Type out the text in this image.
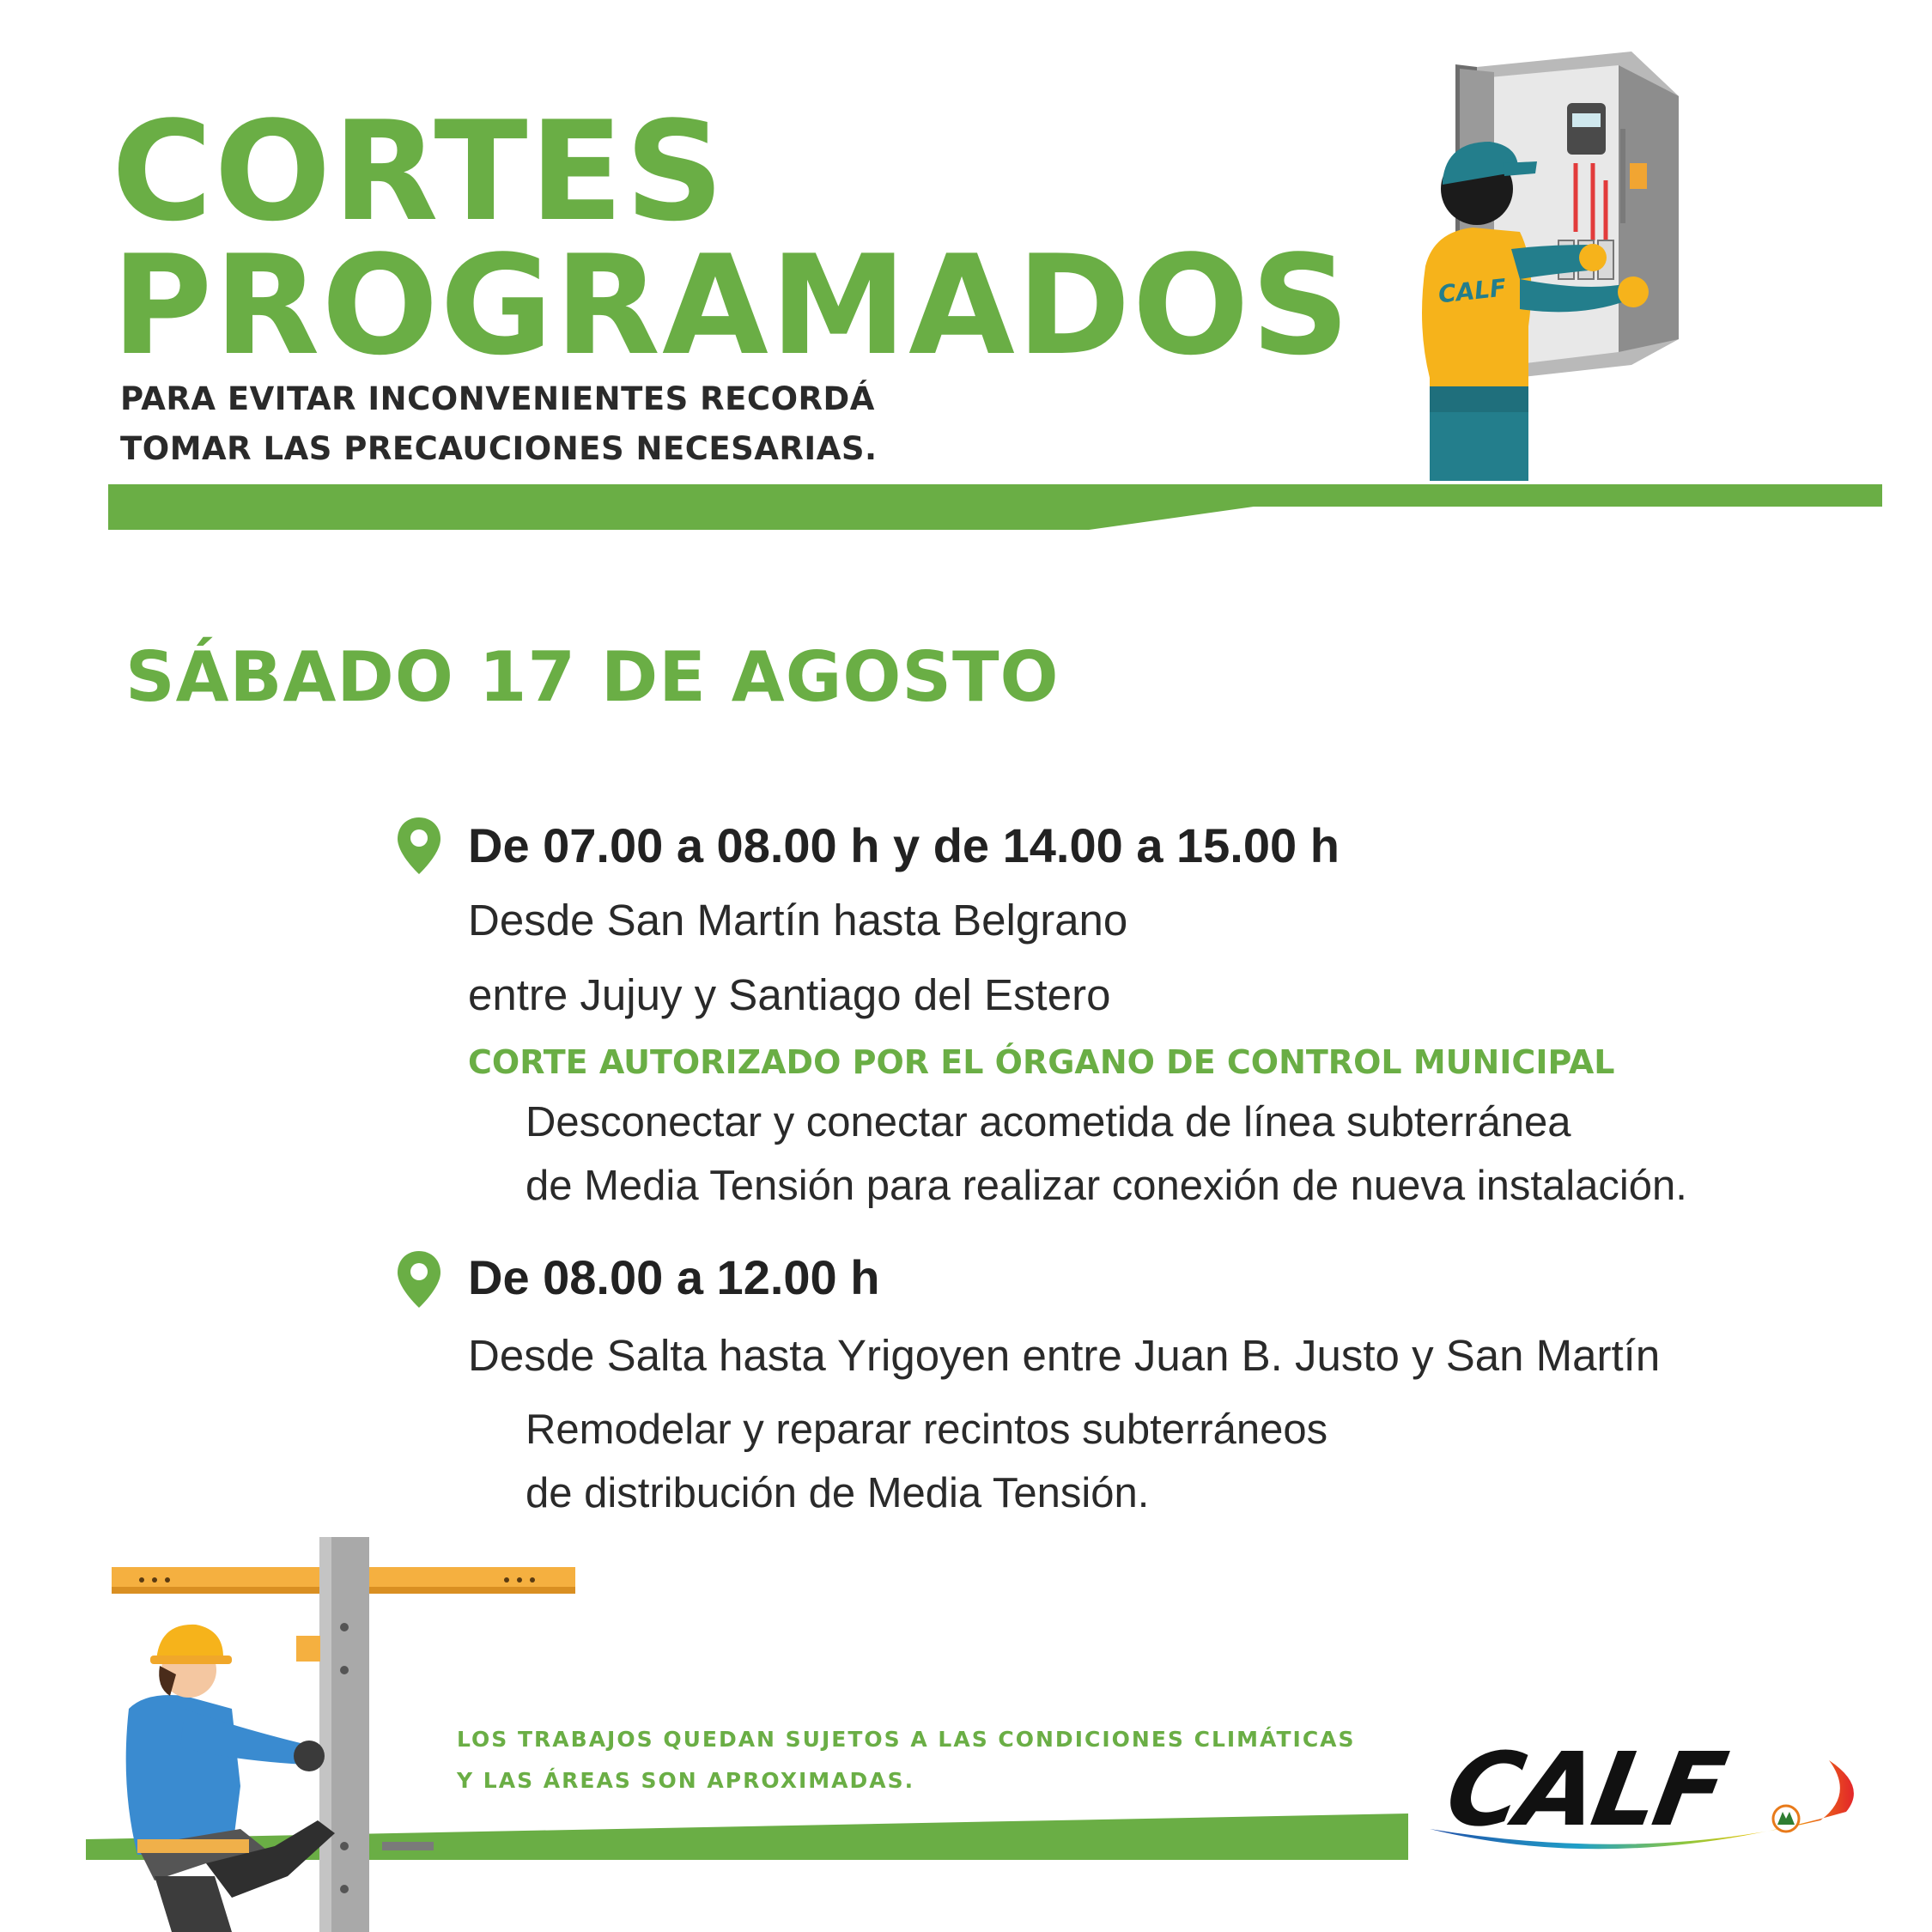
CORTES
PROGRAMADOS
PARA EVITAR INCONVENIENTES RECORDÁ
TOMAR LAS PRECAUCIONES NECESARIAS.
CALF
SÁBADO 17 DE AGOSTO
De 07.00 a 08.00 h y de 14.00 a 15.00 h
Desde San Martín hasta Belgrano
entre Jujuy y Santiago del Estero
CORTE AUTORIZADO POR EL ÓRGANO DE CONTROL MUNICIPAL
Desconectar y conectar acometida de línea subterránea
de Media Tensión para realizar conexión de nueva instalación.
De 08.00 a 12.00 h
Desde Salta hasta Yrigoyen entre Juan B. Justo y San Martín
Remodelar y reparar recintos subterráneos
de distribución de Media Tensión.
LOS TRABAJOS QUEDAN SUJETOS A LAS CONDICIONES CLIMÁTICAS
Y LAS ÁREAS SON APROXIMADAS.	CALF
